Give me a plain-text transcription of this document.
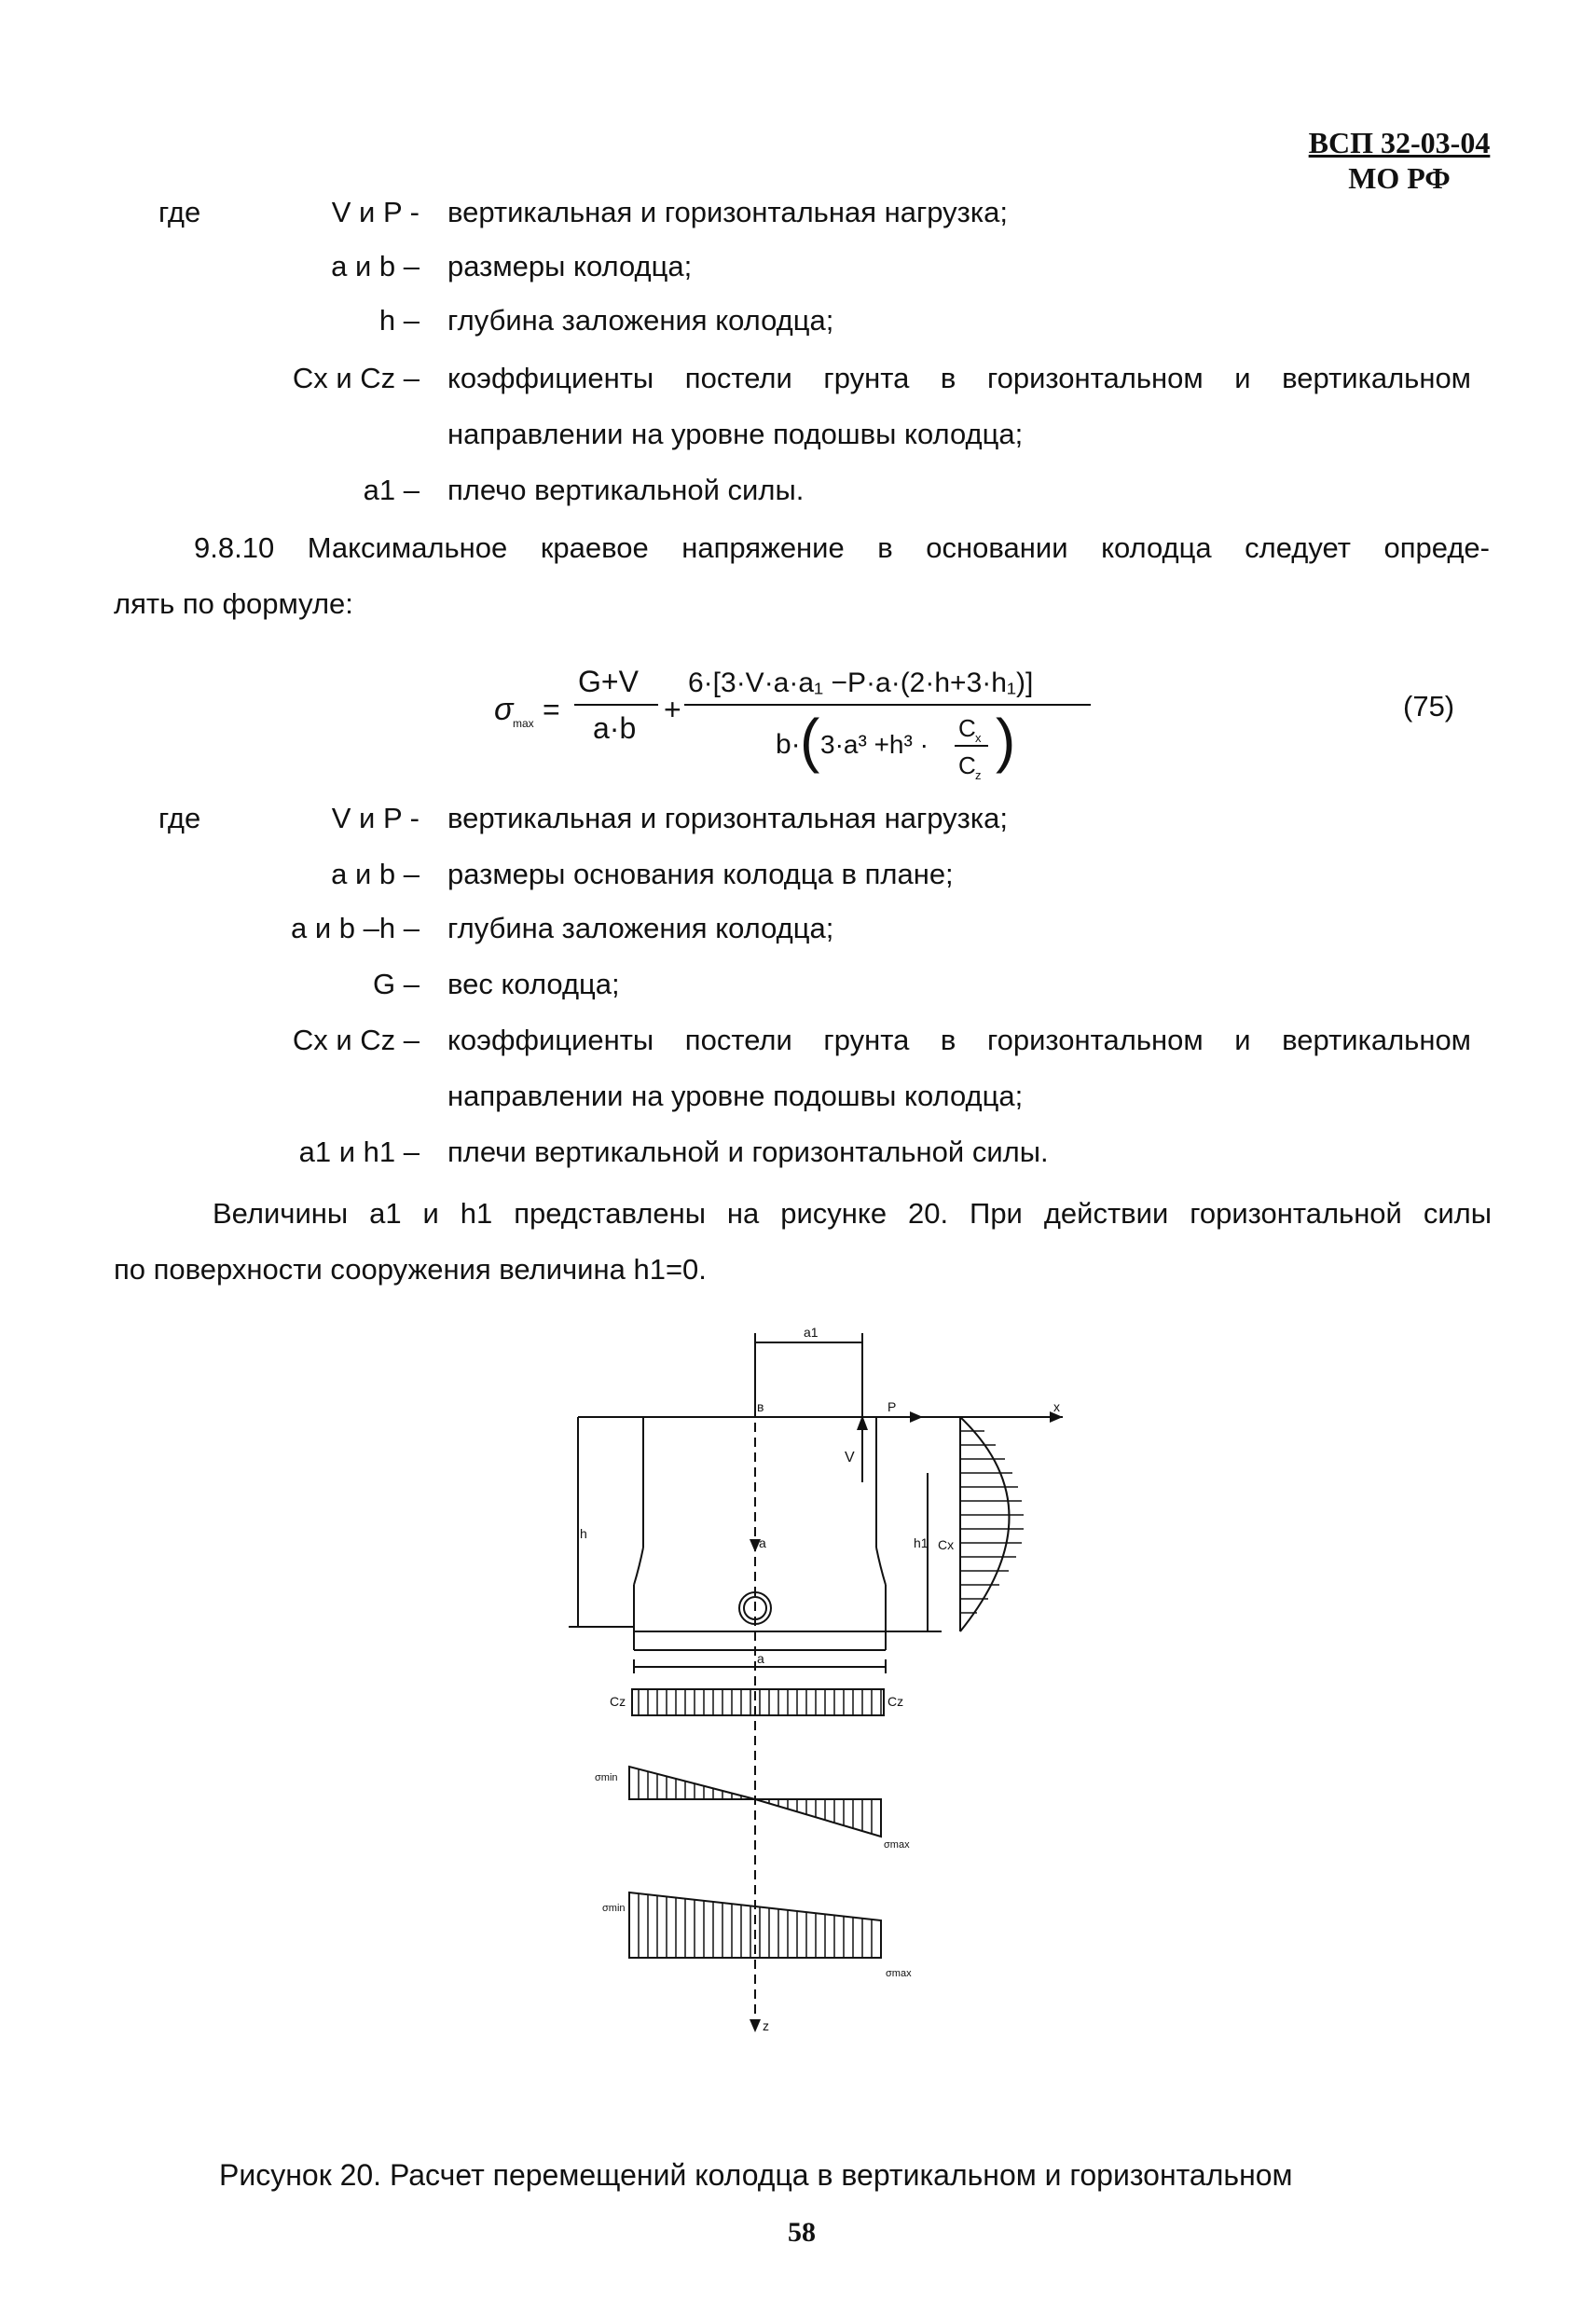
ВСП 32-03-04
МО РФ
где	V и P - вертикальная и горизонтальная нагрузка;
a и b – размеры колодца;
h – глубина заложения колодца;
Cx и Cz – коэффициенты постели грунта в горизонтальном и вертикальном
направлении на уровне подошвы колодца;
a1 – плечо вертикальной силы.
9.8.10 Максимальное краевое напряжение в основании колодца следует опреде-
лять по формуле:
σ max =
G+V
a·b
+
6·[3·V·a·a₁ −P·a·(2·h+3·h₁)]
b· ( 3·a³ +h³ ·
C x
C z
)
(75)
где	V и P - вертикальная и горизонтальная нагрузка;
a и b – размеры основания колодца в плане;
a и b –h – глубина заложения колодца;
G – вес колодца;
Cx и Cz – коэффициенты постели грунта в горизонтальном и вертикальном
направлении на уровне подошвы колодца;
a1 и h1 – плечи вертикальной и горизонтальной силы.
Величины a1 и h1 представлены на рисунке 20. При действии горизонтальной силы
по поверхности сооружения величина h1=0.
a1
в	P	x
V
h
a	h1 Cx
a
Cz	Cz
σmin
σmax
σmin
σmax
z
Рисунок 20. Расчет перемещений колодца в вертикальном и горизонтальном
58
